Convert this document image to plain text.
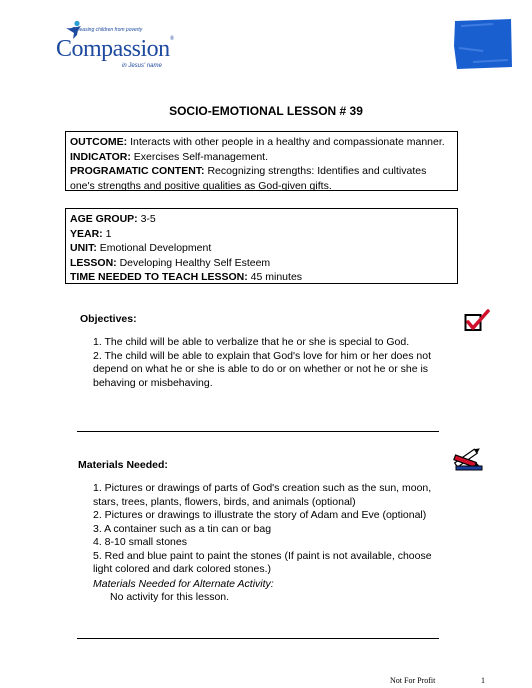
Releasing children from poverty
Compassion®
in Jesus' name
SOCIO-EMOTIONAL LESSON # 39
OUTCOME: Interacts with other people in a healthy and compassionate manner.
INDICATOR: Exercises Self-management.
PROGRAMATIC CONTENT: Recognizing strengths: Identifies and cultivates one's strengths and positive qualities as God-given gifts.
AGE GROUP: 3-5
YEAR: 1
UNIT: Emotional Development
LESSON: Developing Healthy Self Esteem
TIME NEEDED TO TEACH LESSON: 45 minutes
Objectives:

1. The child will be able to verbalize that he or she is special to God.

2. The child will be able to explain that God's love for him or her does not depend on what he or she is able to do or on whether or not he or she is behaving or misbehaving.

Materials Needed:

1. Pictures or drawings of parts of God's creation such as the sun, moon, stars, trees, plants, flowers, birds, and animals (optional)

2. Pictures or drawings to illustrate the story of Adam and Eve (optional)

3. A container such as a tin can or bag

4. 8-10 small stones

5. Red and blue paint to paint the stones (If paint is not available, choose light colored and dark colored stones.)

Materials Needed for Alternate Activity:
No activity for this lesson.
Not For Profit	1
